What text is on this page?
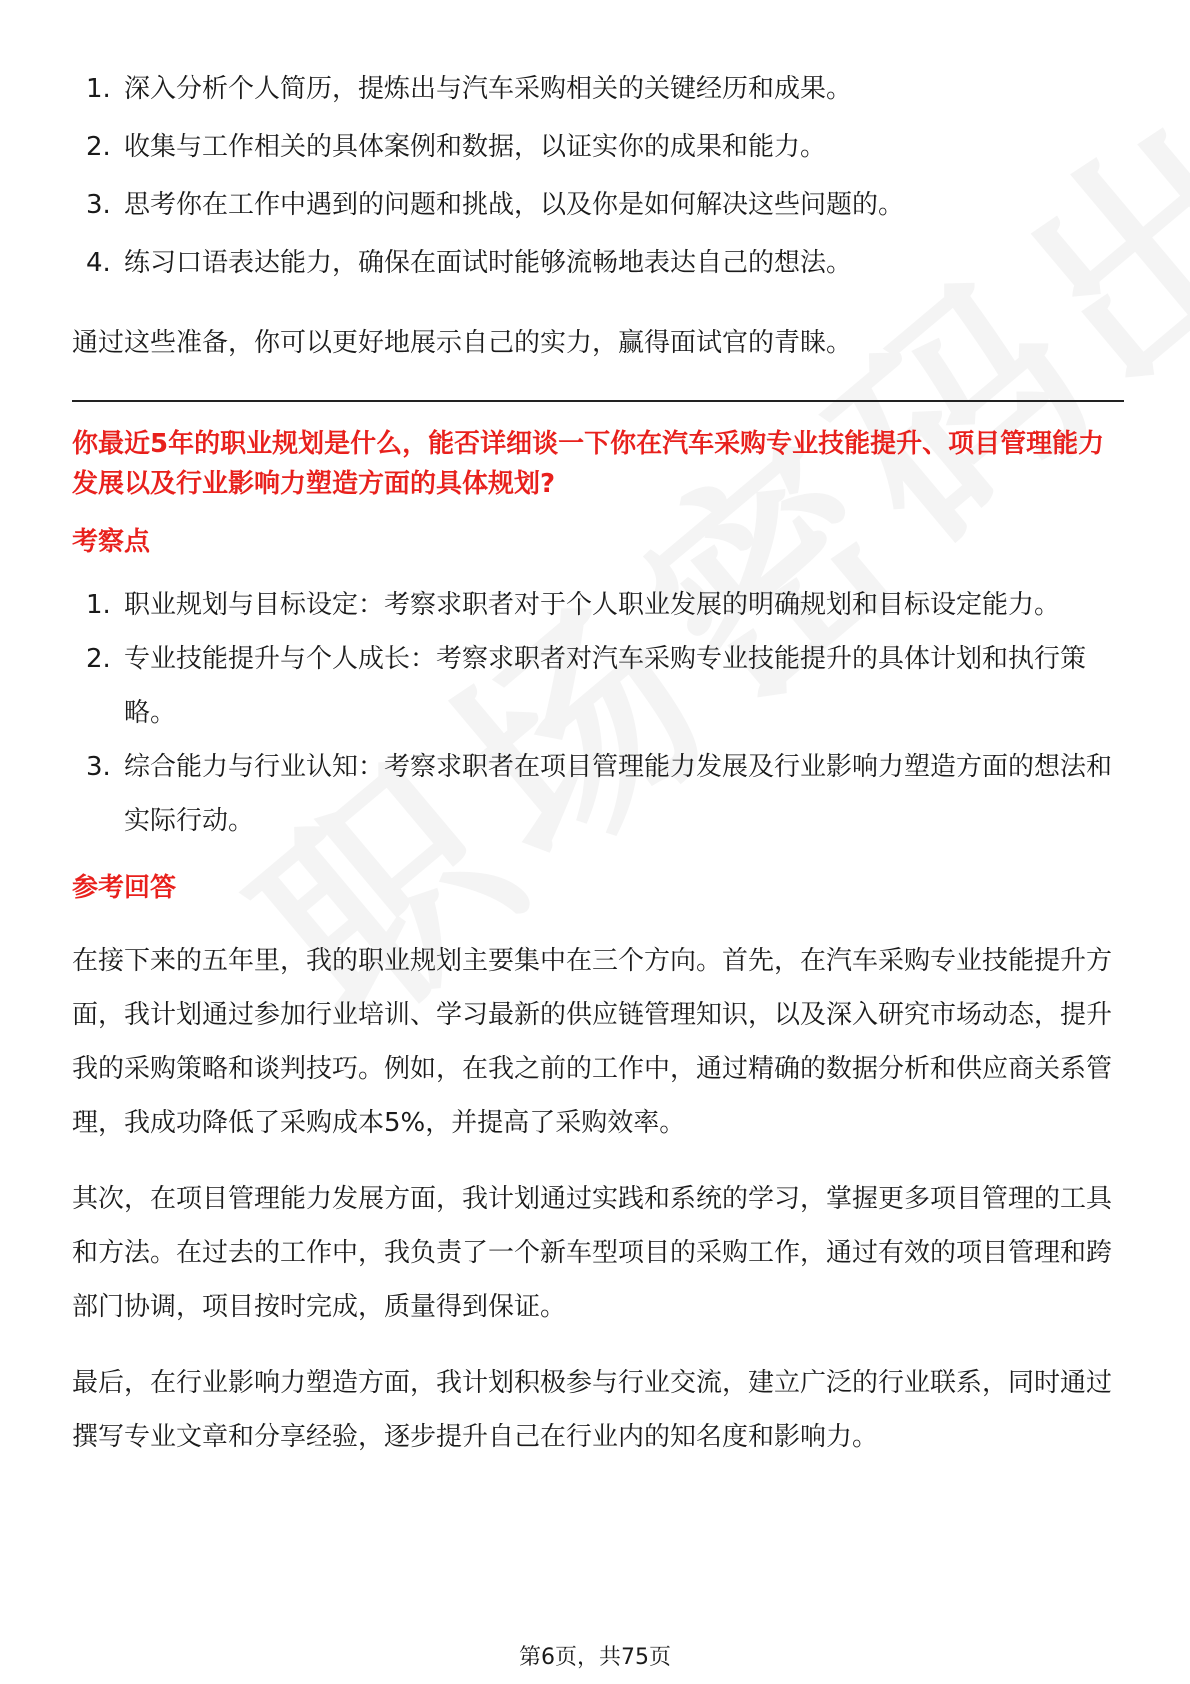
1. 深入分析个人简历，提炼出与汽车采购相关的关键经历和成果。
2. 收集与工作相关的具体案例和数据，以证实你的成果和能力。
3. 思考你在工作中遇到的问题和挑战，以及你是如何解决这些问题的。
4. 练习口语表达能力，确保在面试时能够流畅地表达自己的想法。

通过这些准备，你可以更好地展示自己的实力，赢得面试官的青睐。

你最近5年的职业规划是什么，能否详细谈一下你在汽车采购专业技能提升、项目管理能力发展以及行业影响力塑造方面的具体规划?

考察点
1. 职业规划与目标设定：考察求职者对于个人职业发展的明确规划和目标设定能力。
2. 专业技能提升与个人成长：考察求职者对汽车采购专业技能提升的具体计划和执行策略。
3. 综合能力与行业认知：考察求职者在项目管理能力发展及行业影响力塑造方面的想法和实际行动。
参考回答

在接下来的五年里，我的职业规划主要集中在三个方向。首先，在汽车采购专业技能提升方面，我计划通过参加行业培训、学习最新的供应链管理知识，以及深入研究市场动态，提升我的采购策略和谈判技巧。例如，在我之前的工作中，通过精确的数据分析和供应商关系管理，我成功降低了采购成本5%，并提高了采购效率。

其次，在项目管理能力发展方面，我计划通过实践和系统的学习，掌握更多项目管理的工具和方法。在过去的工作中，我负责了一个新车型项目的采购工作，通过有效的项目管理和跨部门协调，项目按时完成，质量得到保证。

最后，在行业影响力塑造方面，我计划积极参与行业交流，建立广泛的行业联系，同时通过撰写专业文章和分享经验，逐步提升自己在行业内的知名度和影响力。

第6页，共75页
